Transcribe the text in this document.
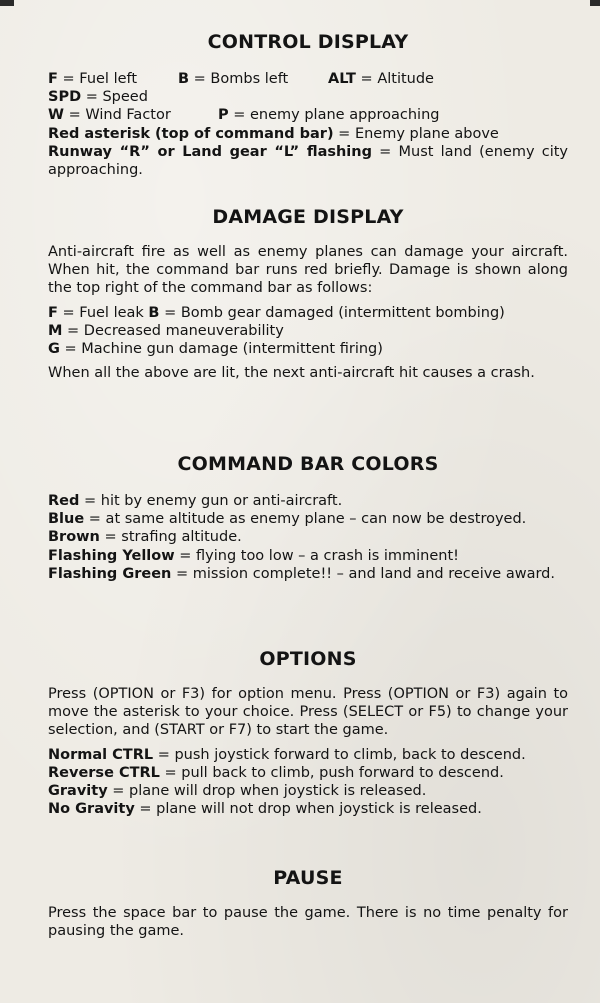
CONTROL DISPLAY
F = Fuel left	B = Bombs left	ALT = Altitude

SPD = Speed

W = Wind Factor	P = enemy plane approaching

Red asterisk (top of command bar) = Enemy plane above

Runway “R” or Land gear “L” flashing = Must land (enemy city approaching.

DAMAGE DISPLAY

Anti-aircraft fire as well as enemy planes can damage your aircraft. When hit, the command bar runs red briefly. Damage is shown along the top right of the command bar as follows:

F = Fuel leak B = Bomb gear damaged (intermittent bombing)

M = Decreased maneuverability

G = Machine gun damage (intermittent firing)

When all the above are lit, the next anti-aircraft hit causes a crash.

COMMAND BAR COLORS

Red = hit by enemy gun or anti-aircraft.

Blue = at same altitude as enemy plane – can now be destroyed.

Brown = strafing altitude.

Flashing Yellow = flying too low – a crash is imminent!

Flashing Green = mission complete!! – and land and receive award.

OPTIONS

Press (OPTION or F3) for option menu. Press (OPTION or F3) again to move the asterisk to your choice. Press (SELECT or F5) to change your selection, and (START or F7) to start the game.

Normal CTRL = push joystick forward to climb, back to descend.

Reverse CTRL = pull back to climb, push forward to descend.

Gravity = plane will drop when joystick is released.

No Gravity = plane will not drop when joystick is released.

PAUSE

Press the space bar to pause the game. There is no time penalty for pausing the game.
